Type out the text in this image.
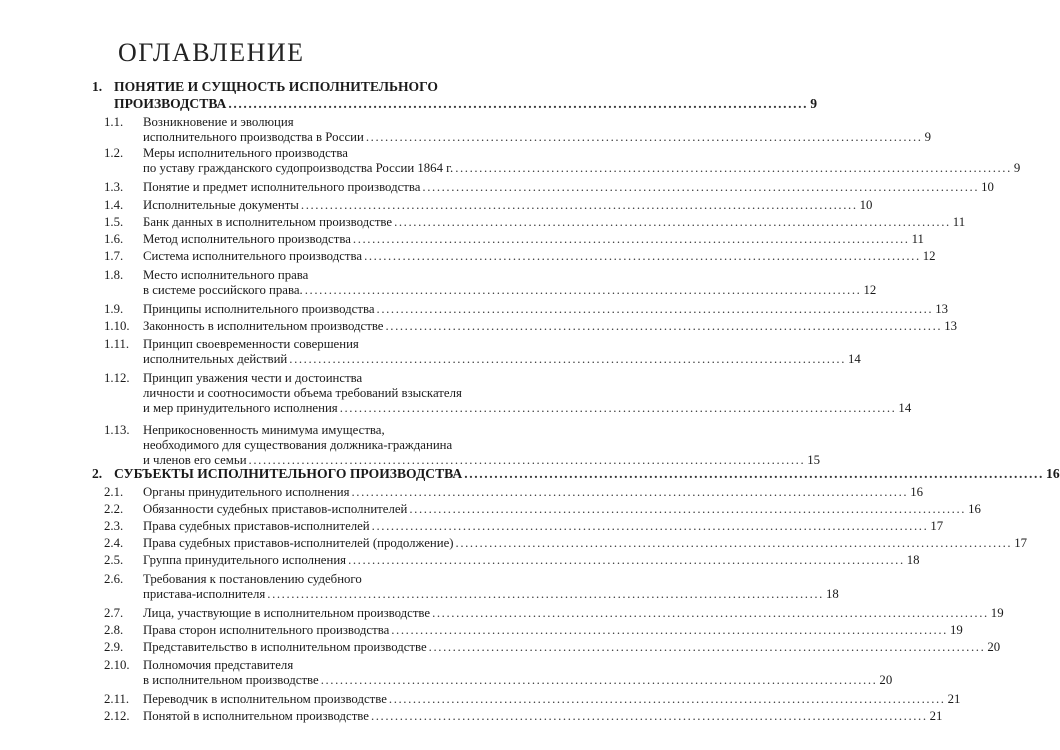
ОГЛАВЛЕНИЕ
1. ПОНЯТИЕ И СУЩНОСТЬ ИСПОЛНИТЕЛЬНОГО
ПРОИЗВОДСТВА .................................................................................................................... 9
1.1. Возникновение и эволюция
исполнительного производства в России .................................................................................................................... 9
1.2. Меры исполнительного производства
по уставу гражданского судопроизводства России 1864 г. .................................................................................................................... 9
1.3. Понятие и предмет исполнительного производства .................................................................................................................... 10
1.4. Исполнительные документы .................................................................................................................... 10
1.5. Банк данных в исполнительном производстве .................................................................................................................... 11
1.6. Метод исполнительного производства .................................................................................................................... 11
1.7. Система исполнительного производства .................................................................................................................... 12
1.8. Место исполнительного права
в системе российского права. .................................................................................................................... 12
1.9. Принципы исполнительного производства .................................................................................................................... 13
1.10. Законность в исполнительном производстве .................................................................................................................... 13
1.11. Принцип своевременности совершения
исполнительных действий .................................................................................................................... 14
1.12. Принцип уважения чести и достоинства
личности и соотносимости объема требований взыскателя
и мер принудительного исполнения .................................................................................................................... 14
1.13. Неприкосновенность минимума имущества,
необходимого для существования должника-гражданина
и членов его семьи .................................................................................................................... 15
2. СУБЪЕКТЫ ИСПОЛНИТЕЛЬНОГО ПРОИЗВОДСТВА .................................................................................................................... 16
2.1. Органы принудительного исполнения .................................................................................................................... 16
2.2. Обязанности судебных приставов-исполнителей .................................................................................................................... 16
2.3. Права судебных приставов-исполнителей .................................................................................................................... 17
2.4. Права судебных приставов-исполнителей (продолжение) .................................................................................................................... 17
2.5. Группа принудительного исполнения .................................................................................................................... 18
2.6. Требования к постановлению судебного
пристава-исполнителя .................................................................................................................... 18
2.7. Лица, участвующие в исполнительном производстве .................................................................................................................... 19
2.8. Права сторон исполнительного производства .................................................................................................................... 19
2.9. Представительство в исполнительном производстве .................................................................................................................... 20
2.10. Полномочия представителя
в исполнительном производстве .................................................................................................................... 20
2.11. Переводчик в исполнительном производстве .................................................................................................................... 21
2.12. Понятой в исполнительном производстве .................................................................................................................... 21
